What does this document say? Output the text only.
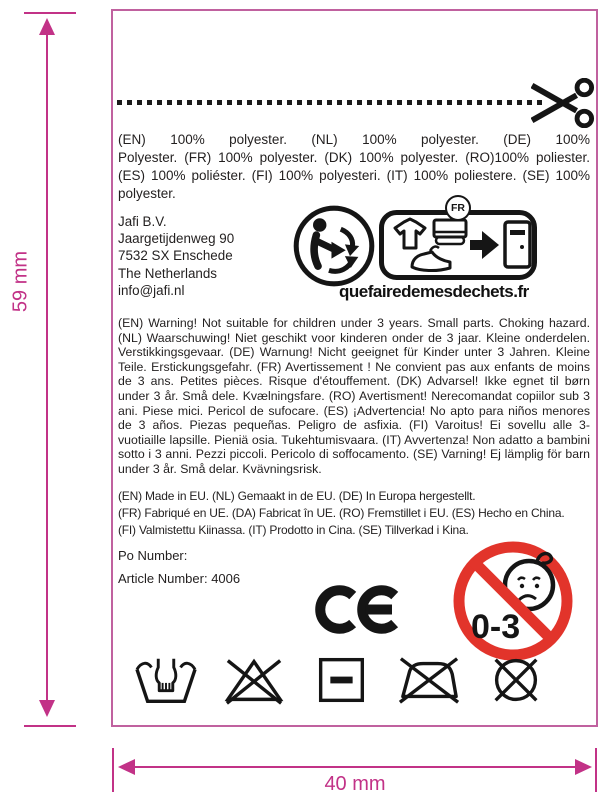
(EN) 100% polyester. (NL) 100% polyester. (DE) 100%
Polyester. (FR) 100% polyester. (DK) 100% polyester. (RO)100% poliester.
(ES) 100% poliéster. (FI) 100% polyesteri. (IT) 100% poliestere. (SE) 100%
polyester.
Jafi B.V.
Jaargetijdenweg 90
7532 SX Enschede
The Netherlands
info@jafi.nl
FR
quefairedemesdechets.fr
(EN) Warning! Not suitable for children under 3 years. Small parts. Choking hazard. (NL) Waarschuwing! Niet geschikt voor kinderen onder de 3 jaar. Kleine onderdelen. Verstikkingsgevaar. (DE) Warnung! Nicht geeignet für Kinder unter 3 Jahren. Kleine Teile. Erstickungsgefahr. (FR) Avertissement ! Ne convient pas aux enfants de moins de 3 ans. Petites pièces. Risque d'étouffement. (DK) Advarsel! Ikke egnet til børn under 3 år. Små dele. Kvælningsfare. (RO) Avertisment! Nerecomandat copiilor sub 3 ani. Piese mici. Pericol de sufocare. (ES) ¡Advertencia! No apto para niños menores de 3 años. Piezas pequeñas. Peligro de asfixia. (FI) Varoitus! Ei sovellu alle 3-vuotiaille lapsille. Pieniä osia. Tukehtumisvaara. (IT) Avvertenza! Non adatto a bambini sotto i 3 anni. Pezzi piccoli. Pericolo di soffocamento. (SE) Varning! Ej lämplig för barn under 3 år. Små delar. Kvävningsrisk.
(EN) Made in EU. (NL) Gemaakt in de EU. (DE) In Europa hergestellt.
(FR) Fabriqué en UE. (DA) Fabricat în UE. (RO) Fremstillet i EU. (ES) Hecho en China.
(FI) Valmistettu Kiinassa. (IT) Prodotto in Cina. (SE) Tillverkad i Kina.
Po Number:
Article Number: 4006
0-3
59 mm
40 mm
